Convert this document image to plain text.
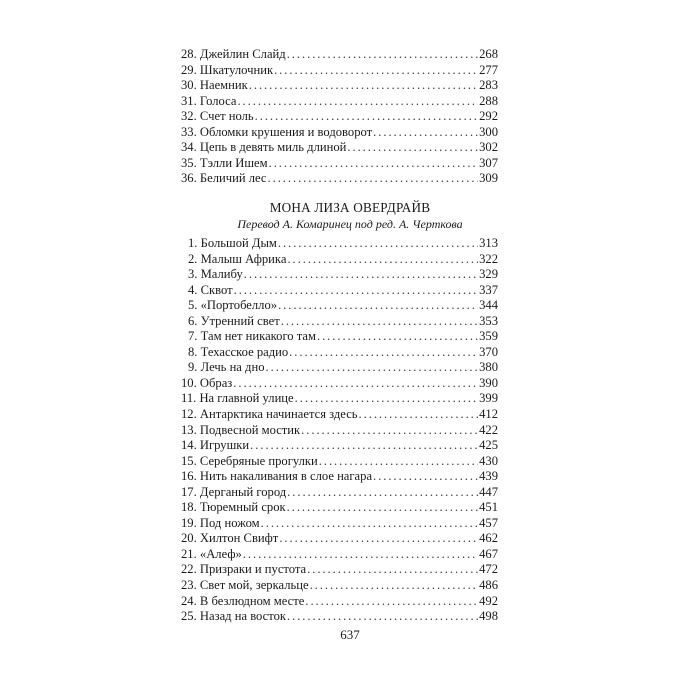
28. Джейлин Слайд . . .	268
29. Шкатулочник . . .	277
30. Наемник . . .	283
31. Голоса . . .	288
32. Счет ноль . . .	292
33. Обломки крушения и водоворот . . .	300
34. Цепь в девять миль длиной . . .	302
35. Тэлли Ишем . . .	307
36. Беличий лес . . .	309
МОНА ЛИЗА ОВЕРДРАЙВ
Перевод А. Комаринец под ред. А. Черткова
1. Большой Дым . . .	313
2. Малыш Африка . . .	322
3. Малибу . . .	329
4. Сквот . . .	337
5. «Портобелло» . . .	344
6. Утренний свет . . .	353
7. Там нет никакого там . . .	359
8. Техасское радио . . .	370
9. Лечь на дно . . .	380
10. Образ . . .	390
11. На главной улице . . .	399
12. Антарктика начинается здесь . . .	412
13. Подвесной мостик . . .	422
14. Игрушки . . .	425
15. Серебряные прогулки . . .	430
16. Нить накаливания в слое нагара . . .	439
17. Дерганый город . . .	447
18. Тюремный срок . . .	451
19. Под ножом . . .	457
20. Хилтон Свифт . . .	462
21. «Алеф» . . .	467
22. Призраки и пустота . . .	472
23. Свет мой, зеркальце . . .	486
24. В безлюдном месте . . .	492
25. Назад на восток . . .	498
637
